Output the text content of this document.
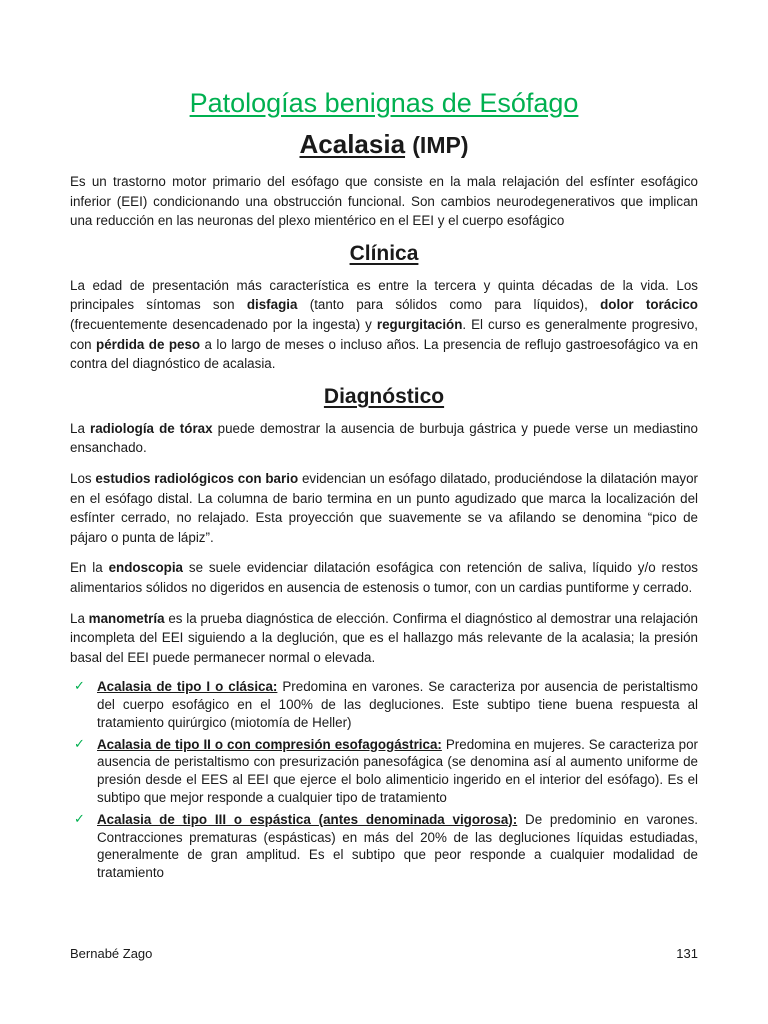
Patologías benignas de Esófago
Acalasia (IMP)

Es un trastorno motor primario del esófago que consiste en la mala relajación del esfínter esofágico inferior (EEI) condicionando una obstrucción funcional. Son cambios neurodegenerativos que implican una reducción en las neuronas del plexo mientérico en el EEI y el cuerpo esofágico

Clínica

La edad de presentación más característica es entre la tercera y quinta décadas de la vida. Los principales síntomas son disfagia (tanto para sólidos como para líquidos), dolor torácico (frecuentemente desencadenado por la ingesta) y regurgitación. El curso es generalmente progresivo, con pérdida de peso a lo largo de meses o incluso años. La presencia de reflujo gastroesofágico va en contra del diagnóstico de acalasia.

Diagnóstico

La radiología de tórax puede demostrar la ausencia de burbuja gástrica y puede verse un mediastino ensanchado.

Los estudios radiológicos con bario evidencian un esófago dilatado, produciéndose la dilatación mayor en el esófago distal. La columna de bario termina en un punto agudizado que marca la localización del esfínter cerrado, no relajado. Esta proyección que suavemente se va afilando se denomina “pico de pájaro o punta de lápiz”.

En la endoscopia se suele evidenciar dilatación esofágica con retención de saliva, líquido y/o restos alimentarios sólidos no digeridos en ausencia de estenosis o tumor, con un cardias puntiforme y cerrado.

La manometría es la prueba diagnóstica de elección. Confirma el diagnóstico al demostrar una relajación incompleta del EEI siguiendo a la deglución, que es el hallazgo más relevante de la acalasia; la presión basal del EEI puede permanecer normal o elevada.

✓ Acalasia de tipo I o clásica: Predomina en varones. Se caracteriza por ausencia de peristaltismo del cuerpo esofágico en el 100% de las degluciones. Este subtipo tiene buena respuesta al tratamiento quirúrgico (miotomía de Heller)
✓ Acalasia de tipo II o con compresión esofagogástrica: Predomina en mujeres. Se caracteriza por ausencia de peristaltismo con presurización panesofágica (se denomina así al aumento uniforme de presión desde el EES al EEI que ejerce el bolo alimenticio ingerido en el interior del esófago). Es el subtipo que mejor responde a cualquier tipo de tratamiento
✓ Acalasia de tipo III o espástica (antes denominada vigorosa): De predominio en varones. Contracciones prematuras (espásticas) en más del 20% de las degluciones líquidas estudiadas, generalmente de gran amplitud. Es el subtipo que peor responde a cualquier modalidad de tratamiento
Bernabé Zago	131
